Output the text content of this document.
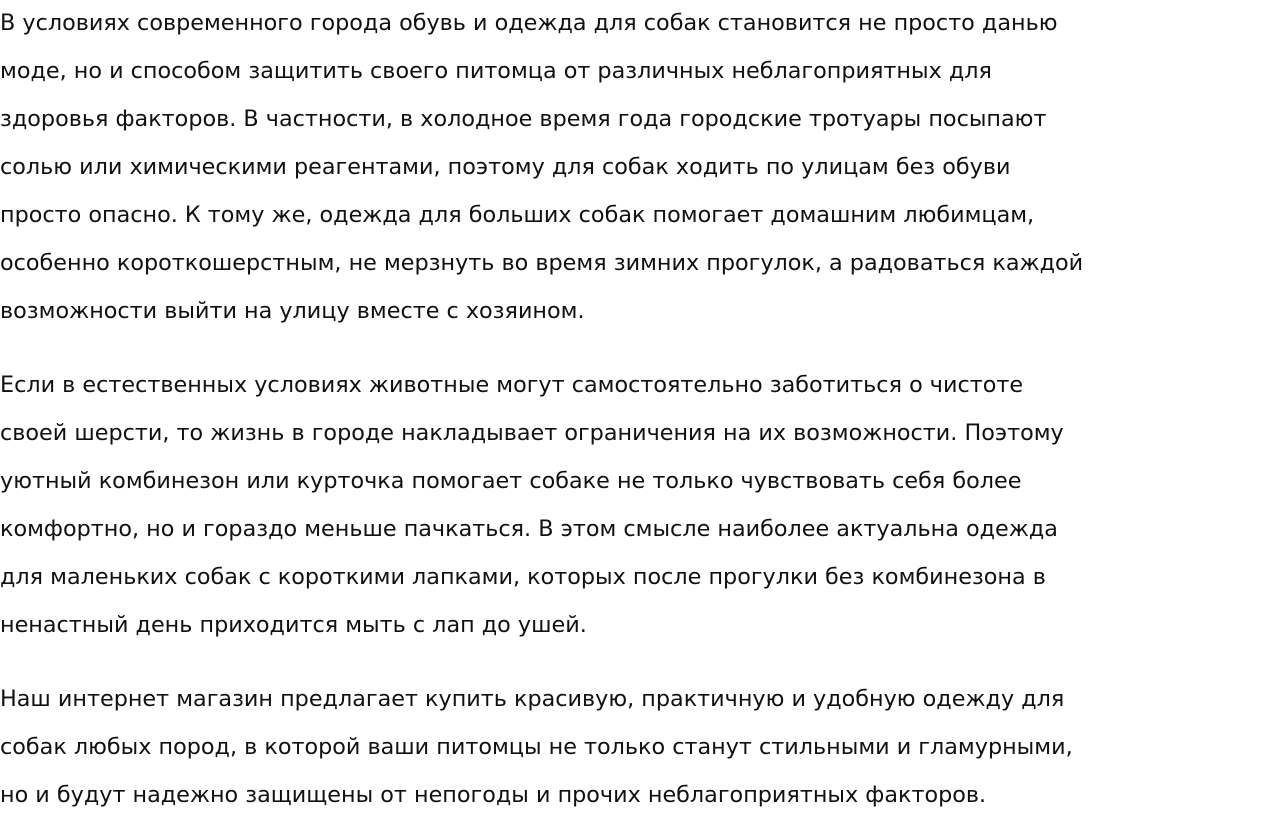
В условиях современного города обувь и одежда для собак становится не просто данью
моде, но и способом защитить своего питомца от различных неблагоприятных для
здоровья факторов. В частности, в холодное время года городские тротуары посыпают
солью или химическими реагентами, поэтому для собак ходить по улицам без обуви
просто опасно. К тому же, одежда для больших собак помогает домашним любимцам,
особенно короткошерстным, не мерзнуть во время зимних прогулок, а радоваться каждой
возможности выйти на улицу вместе с хозяином.

Если в естественных условиях животные могут самостоятельно заботиться о чистоте
своей шерсти, то жизнь в городе накладывает ограничения на их возможности. Поэтому
уютный комбинезон или курточка помогает собаке не только чувствовать себя более
комфортно, но и гораздо меньше пачкаться. В этом смысле наиболее актуальна одежда
для маленьких собак с короткими лапками, которых после прогулки без комбинезона в
ненастный день приходится мыть с лап до ушей.

Наш интернет магазин предлагает купить красивую, практичную и удобную одежду для
собак любых пород, в которой ваши питомцы не только станут стильными и гламурными,
но и будут надежно защищены от непогоды и прочих неблагоприятных факторов.
